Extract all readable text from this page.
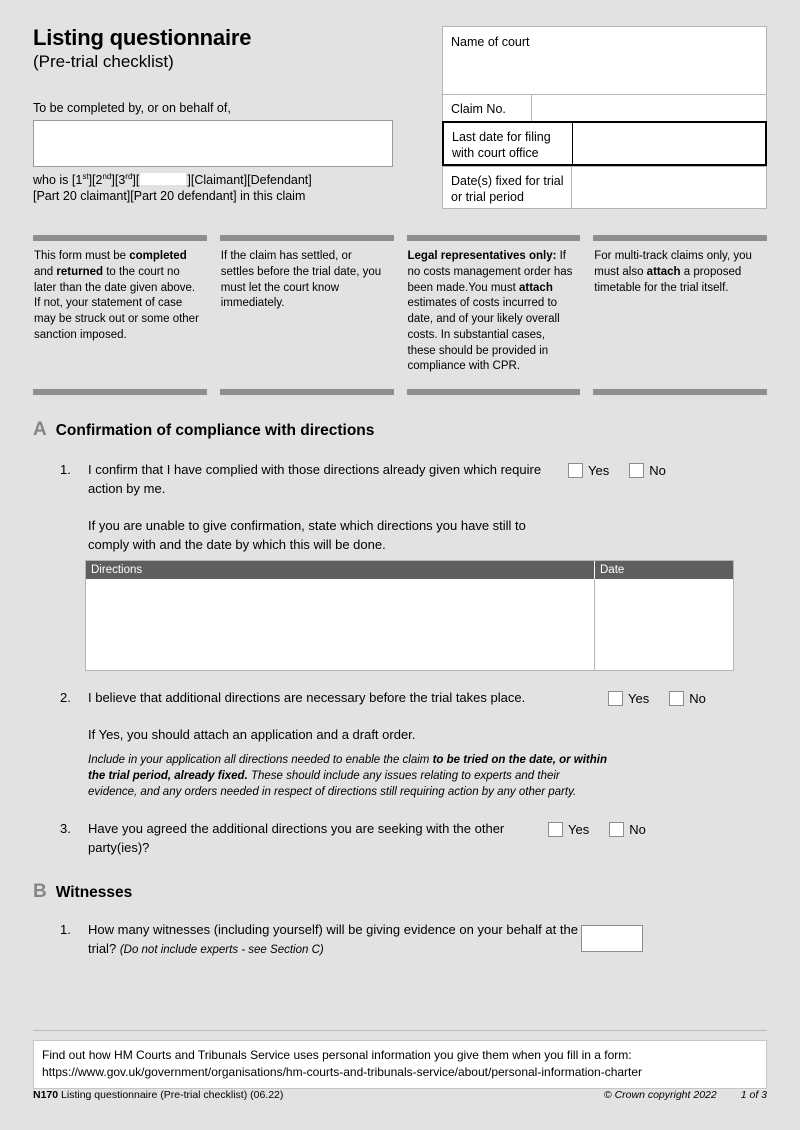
Listing questionnaire
(Pre-trial checklist)
To be completed by, or on behalf of,
who is [1st][2nd][3rd][	][Claimant][Defendant]
[Part 20 claimant][Part 20 defendant] in this claim
Name of court
Claim No.
Last date for filing with court office
Date(s) fixed for trial or trial period
This form must be completed and returned to the court no later than the date given above. If not, your statement of case may be struck out or some other sanction imposed.
If the claim has settled, or settles before the trial date, you must let the court know immediately.
Legal representatives only: If no costs management order has been made.You must attach estimates of costs incurred to date, and of your likely overall costs. In substantial cases, these should be provided in compliance with CPR.
For multi-track claims only, you must also attach a proposed timetable for the trial itself.
A Confirmation of compliance with directions
1.	I confirm that I have complied with those directions already given which require action by me.
If you are unable to give confirmation, state which directions you have still to comply with and the date by which this will be done.
Yes	No
Directions	Date
2.	I believe that additional directions are necessary before the trial takes place.
If Yes, you should attach an application and a draft order.
Include in your application all directions needed to enable the claim to be tried on the date, or within the trial period, already fixed. These should include any issues relating to experts and their evidence, and any orders needed in respect of directions still requiring action by any other party.
Yes	No
3.	Have you agreed the additional directions you are seeking with the other party(ies)?
Yes	No
B Witnesses
1.	How many witnesses (including yourself) will be giving evidence on your behalf at the trial? (Do not include experts - see Section C)
Find out how HM Courts and Tribunals Service uses personal information you give them when you fill in a form:
https://www.gov.uk/government/organisations/hm-courts-and-tribunals-service/about/personal-information-charter
N170 Listing questionnaire (Pre-trial checklist) (06.22)	© Crown copyright 2022 1 of 3
